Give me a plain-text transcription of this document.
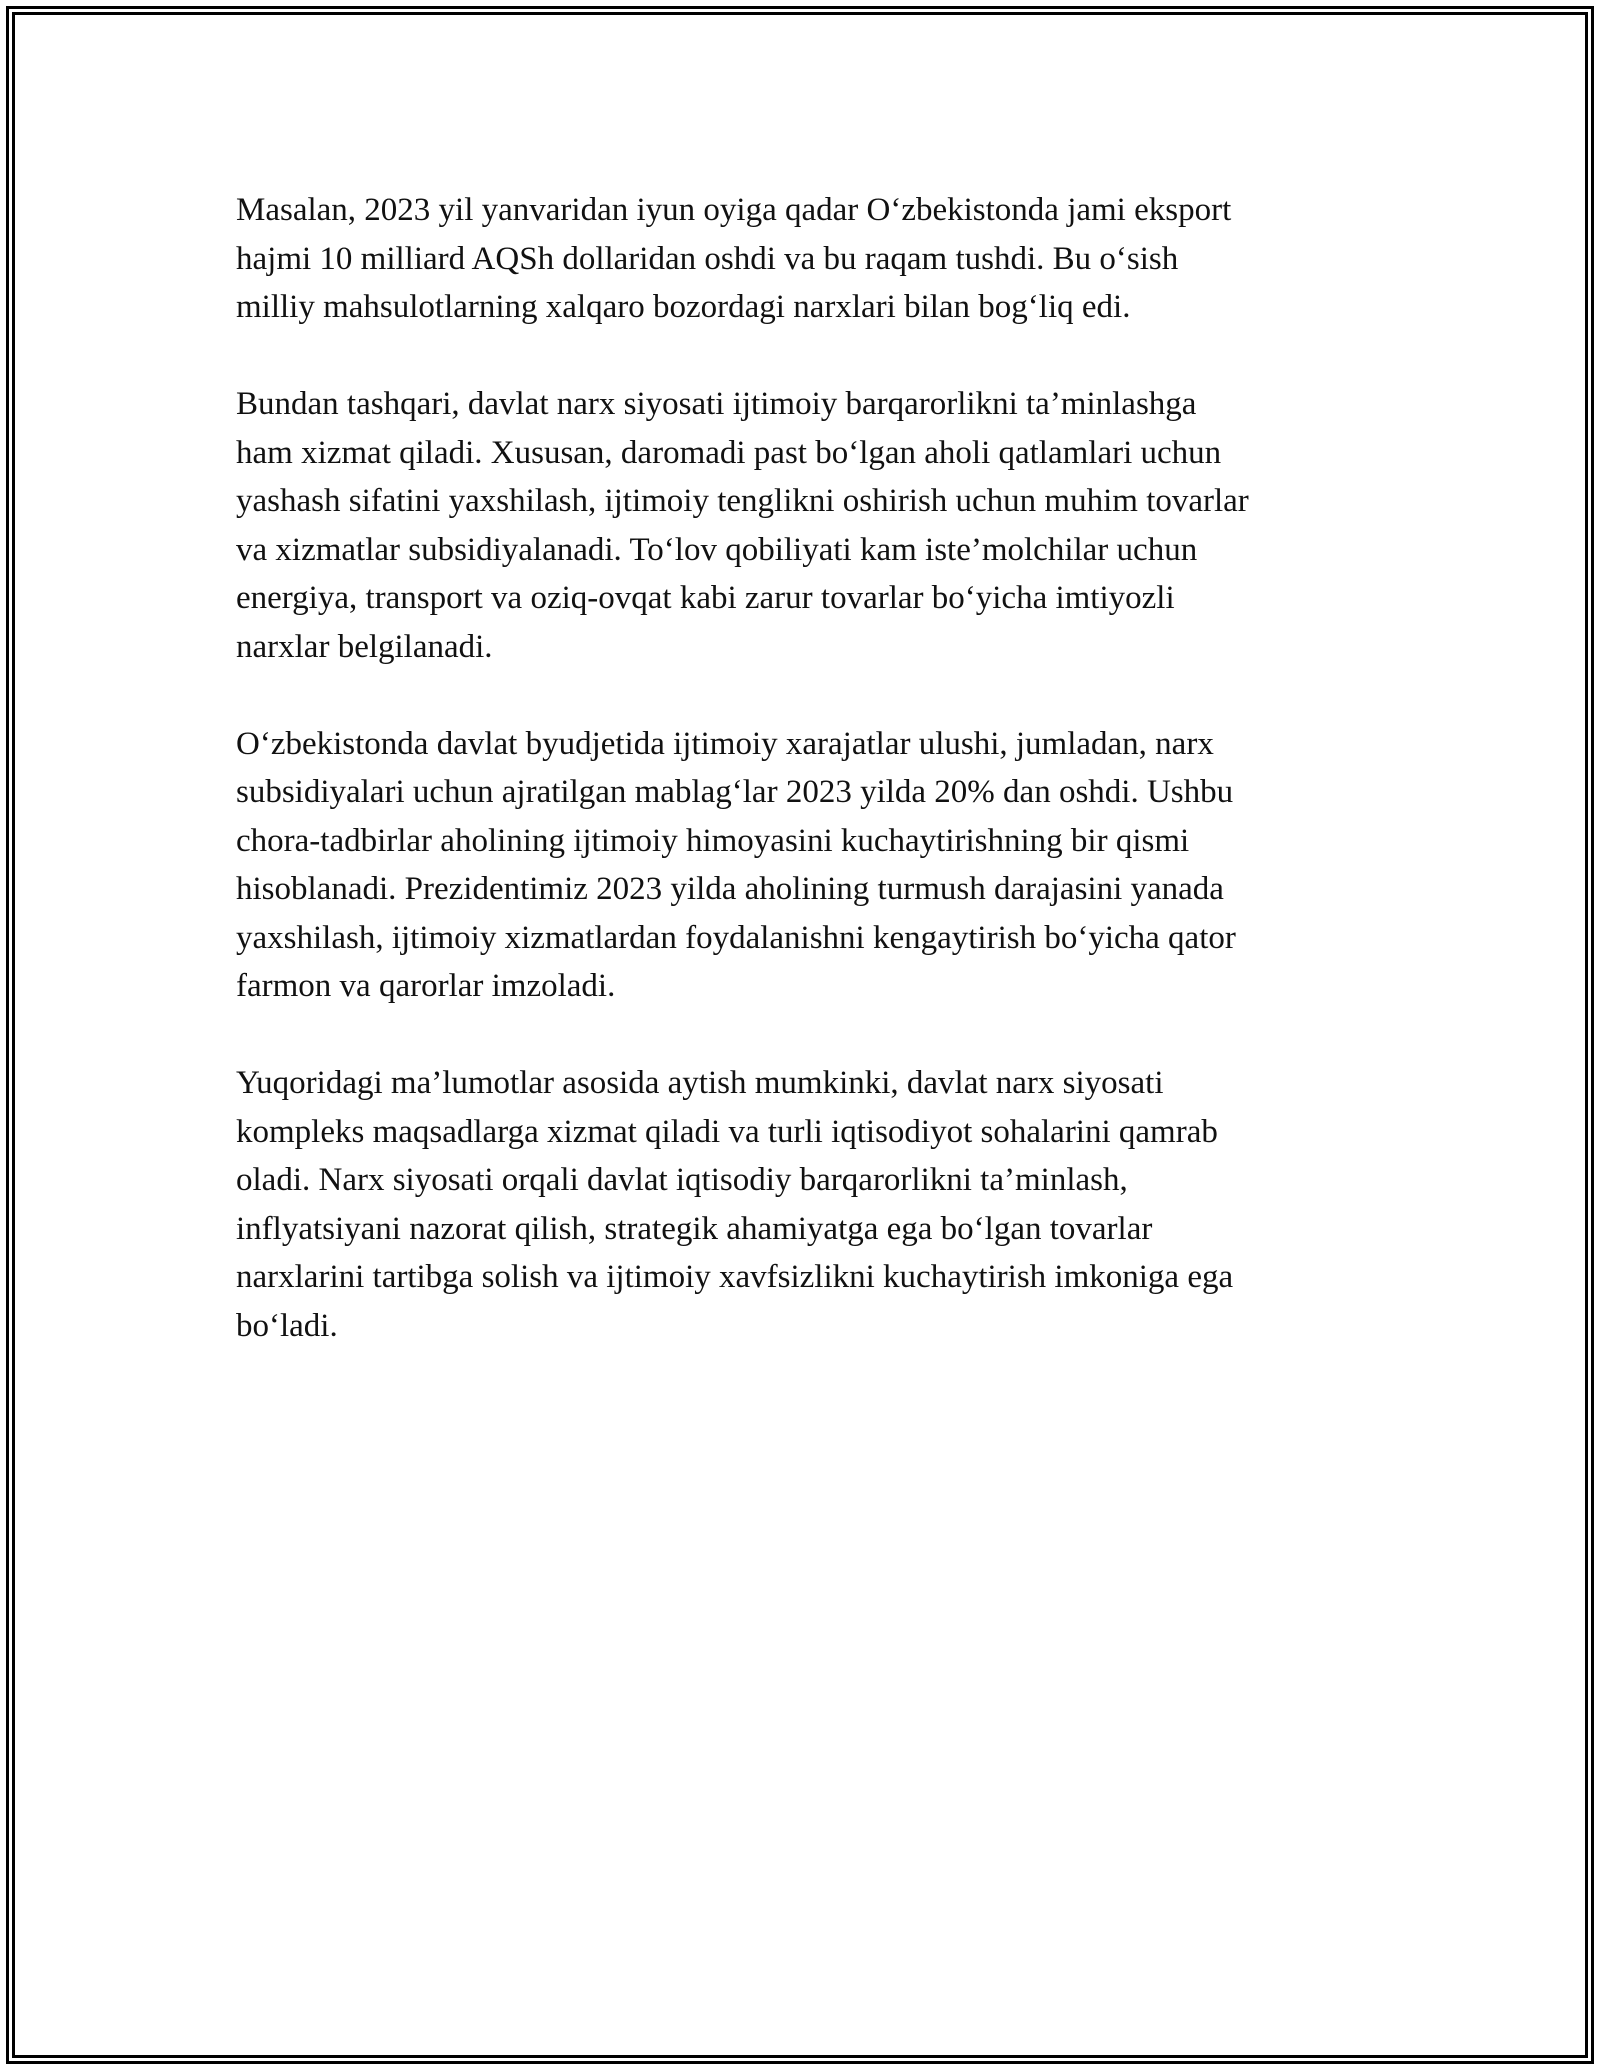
Masalan, 2023 yil yanvaridan iyun oyiga qadar O‘zbekistonda jami eksport
hajmi 10 milliard AQSh dollaridan oshdi va bu raqam tushdi. Bu o‘sish
milliy mahsulotlarning xalqaro bozordagi narxlari bilan bog‘liq edi.

Bundan tashqari, davlat narx siyosati ijtimoiy barqarorlikni ta’minlashga
ham xizmat qiladi. Xususan, daromadi past bo‘lgan aholi qatlamlari uchun
yashash sifatini yaxshilash, ijtimoiy tenglikni oshirish uchun muhim tovarlar
va xizmatlar subsidiyalanadi. To‘lov qobiliyati kam iste’molchilar uchun
energiya, transport va oziq-ovqat kabi zarur tovarlar bo‘yicha imtiyozli
narxlar belgilanadi.

O‘zbekistonda davlat byudjetida ijtimoiy xarajatlar ulushi, jumladan, narx
subsidiyalari uchun ajratilgan mablag‘lar 2023 yilda 20% dan oshdi. Ushbu
chora-tadbirlar aholining ijtimoiy himoyasini kuchaytirishning bir qismi
hisoblanadi. Prezidentimiz 2023 yilda aholining turmush darajasini yanada
yaxshilash, ijtimoiy xizmatlardan foydalanishni kengaytirish bo‘yicha qator
farmon va qarorlar imzoladi.

Yuqoridagi ma’lumotlar asosida aytish mumkinki, davlat narx siyosati
kompleks maqsadlarga xizmat qiladi va turli iqtisodiyot sohalarini qamrab
oladi. Narx siyosati orqali davlat iqtisodiy barqarorlikni ta’minlash,
inflyatsiyani nazorat qilish, strategik ahamiyatga ega bo‘lgan tovarlar
narxlarini tartibga solish va ijtimoiy xavfsizlikni kuchaytirish imkoniga ega
bo‘ladi.
